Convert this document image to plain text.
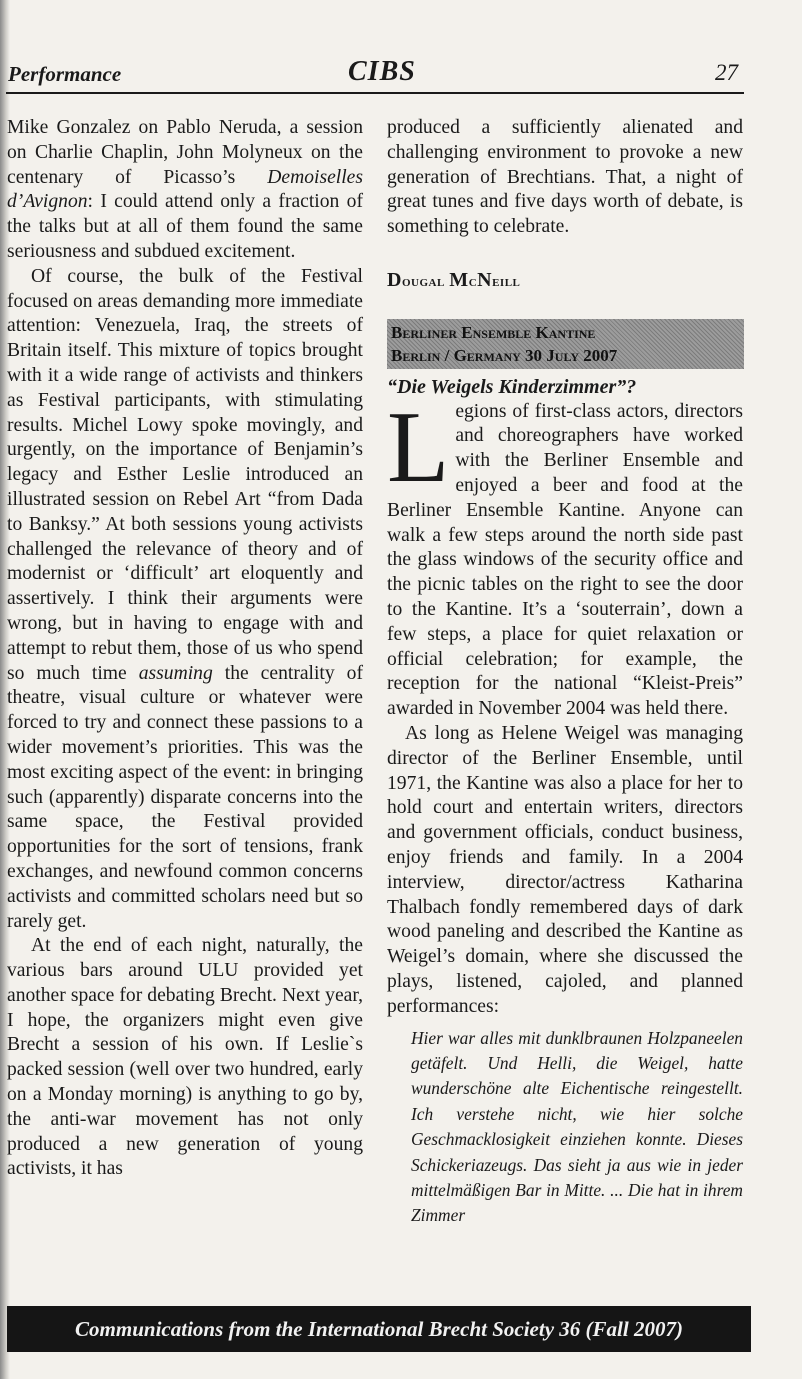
Performance	CIBS	27

Mike Gonzalez on Pablo Neruda, a session on Charlie Chaplin, John Molyneux on the centenary of Picasso’s Demoiselles d’Avignon: I could attend only a fraction of the talks but at all of them found the same seriousness and subdued excitement.

Of course, the bulk of the Festival focused on areas demanding more immediate attention: Venezuela, Iraq, the streets of Britain itself. This mixture of topics brought with it a wide range of activists and thinkers as Festival participants, with stimulating results. Michel Lowy spoke movingly, and urgently, on the importance of Benjamin’s legacy and Esther Leslie introduced an illustrated session on Rebel Art “from Dada to Banksy.” At both sessions young activists challenged the relevance of theory and of modernist or ‘difficult’ art eloquently and assertively. I think their arguments were wrong, but in having to engage with and attempt to rebut them, those of us who spend so much time assuming the centrality of theatre, visual culture or whatever were forced to try and connect these passions to a wider movement’s priorities. This was the most exciting aspect of the event: in bringing such (apparently) disparate concerns into the same space, the Festival provided opportunities for the sort of tensions, frank exchanges, and newfound common concerns activists and committed scholars need but so rarely get.

At the end of each night, naturally, the various bars around ULU provided yet another space for debating Brecht. Next year, I hope, the organizers might even give Brecht a session of his own. If Leslie`s packed session (well over two hundred, early on a Monday morning) is anything to go by, the anti-war movement has not only produced a new generation of young activists, it has

produced a sufficiently alienated and challenging environment to provoke a new generation of Brechtians. That, a night of great tunes and five days worth of debate, is something to celebrate.

Dougal McNeill
Berliner Ensemble Kantine
Berlin / Germany 30 July 2007
“Die Weigels Kinderzimmer”?

Legions of first-class actors, directors and choreographers have worked with the Berliner Ensemble and enjoyed a beer and food at the Berliner Ensemble Kantine. Anyone can walk a few steps around the north side past the glass windows of the security office and the picnic tables on the right to see the door to the Kantine. It’s a ‘souterrain’, down a few steps, a place for quiet relaxation or official celebration; for example, the reception for the national “Kleist-Preis” awarded in November 2004 was held there.

As long as Helene Weigel was managing director of the Berliner Ensemble, until 1971, the Kantine was also a place for her to hold court and entertain writers, directors and government officials, conduct business, enjoy friends and family. In a 2004 interview, director/actress Katharina Thalbach fondly remembered days of dark wood paneling and described the Kantine as Weigel’s domain, where she discussed the plays, listened, cajoled, and planned performances:

Hier war alles mit dunklbraunen Holzpaneelen getäfelt. Und Helli, die Weigel, hatte wunderschöne alte Eichentische reingestellt. Ich verstehe nicht, wie hier solche Geschmacklosigkeit einziehen konnte. Dieses Schickeriazeugs. Das sieht ja aus wie in jeder mittelmäßigen Bar in Mitte. ... Die hat in ihrem Zimmer
Communications from the International Brecht Society 36 (Fall 2007)
